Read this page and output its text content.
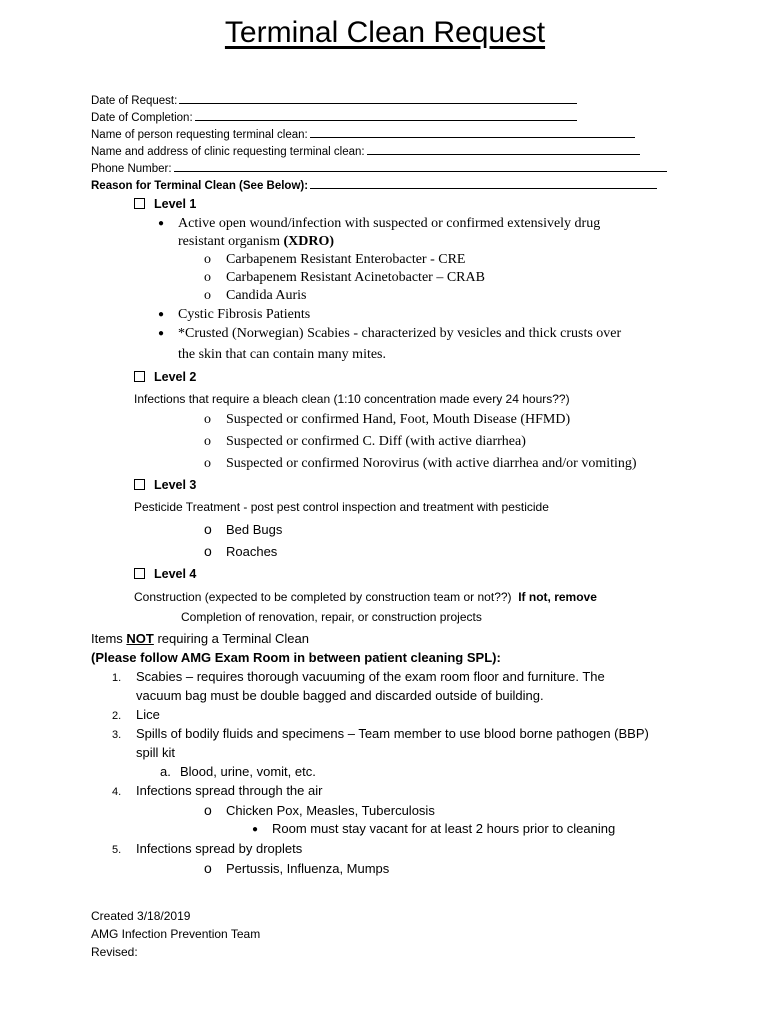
Terminal Clean Request
Date of Request:
Date of Completion:
Name of person requesting terminal clean:
Name and address of clinic requesting terminal clean:
Phone Number:
Reason for Terminal Clean (See Below):
Level 1
● Active open wound/infection with suspected or confirmed extensively drug
resistant organism (XDRO)
o Carbapenem Resistant Enterobacter - CRE
o Carbapenem Resistant Acinetobacter – CRAB
o Candida Auris
● Cystic Fibrosis Patients
● *Crusted (Norwegian) Scabies - characterized by vesicles and thick crusts over
the skin that can contain many mites.
Level 2
Infections that require a bleach clean (1:10 concentration made every 24 hours??)
o Suspected or confirmed Hand, Foot, Mouth Disease (HFMD)
o Suspected or confirmed C. Diff (with active diarrhea)
o Suspected or confirmed Norovirus (with active diarrhea and/or vomiting)
Level 3
Pesticide Treatment - post pest control inspection and treatment with pesticide
o Bed Bugs
o Roaches
Level 4
Construction (expected to be completed by construction team or not??) If not, remove
Completion of renovation, repair, or construction projects
Items NOT requiring a Terminal Clean
(Please follow AMG Exam Room in between patient cleaning SPL):
1. Scabies – requires thorough vacuuming of the exam room floor and furniture. The
vacuum bag must be double bagged and discarded outside of building.
2. Lice
3. Spills of bodily fluids and specimens – Team member to use blood borne pathogen (BBP)
spill kit
a. Blood, urine, vomit, etc.
4. Infections spread through the air
o Chicken Pox, Measles, Tuberculosis
● Room must stay vacant for at least 2 hours prior to cleaning
5. Infections spread by droplets
o Pertussis, Influenza, Mumps
Created 3/18/2019
AMG Infection Prevention Team
Revised:
